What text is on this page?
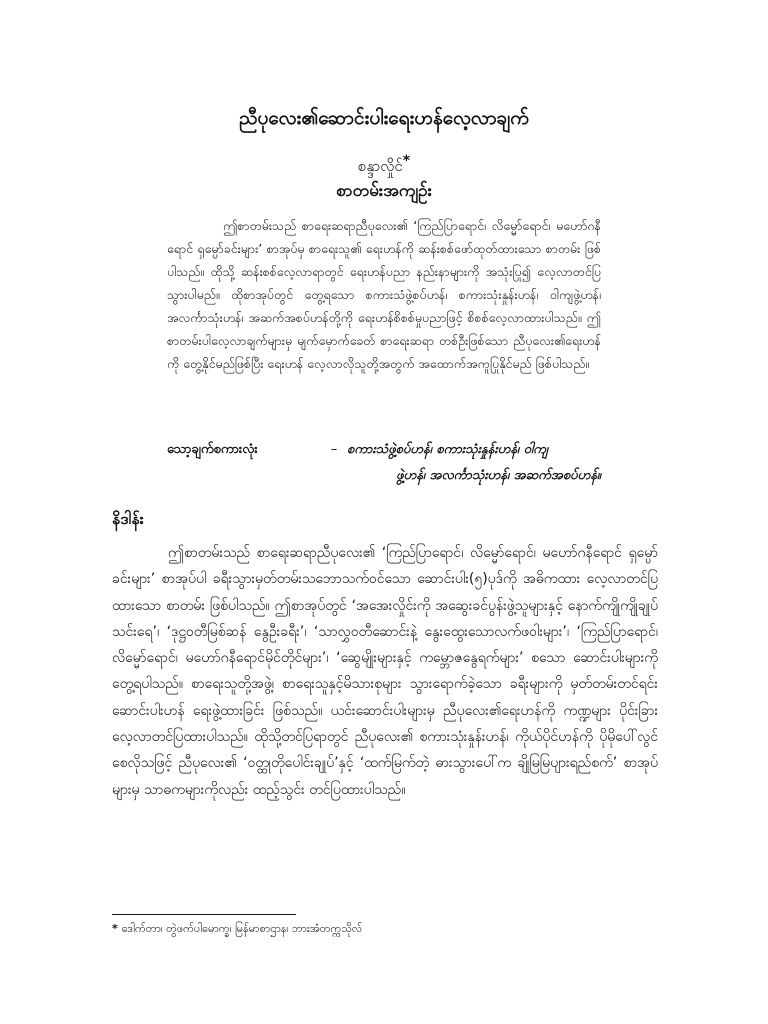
ညီပုလေး၏ဆောင်းပါးရေးဟန်လေ့လာချက်
စန္ဒာလှိုင်*
စာတမ်းအကျဉ်း
ဤစာတမ်းသည် စာရေးဆရာညီပုလေး၏ ‘ကြည်ပြာရောင်၊ လိမ္မော်ရောင်၊ မဟော်ဂနီရောင် ရှမ္ပော်ခင်းများ’ စာအုပ်မှ စာရေးသူ၏ ရေးဟန်ကို ဆန်းစစ်ဖော်ထုတ်ထားသော စာတမ်း ဖြစ်ပါသည်။ ထိုသို့ ဆန်းစစ်လေ့လာရာတွင် ရေးဟန်ပညာ နည်းနာများကို အသုံးပြု၍ လေ့လာတင်ပြသွားပါမည်။ ထိုစာအုပ်တွင် တွေ့ရသော စကားသံဖွဲ့စပ်ဟန်၊ စကားသုံးနှုန်းဟန်၊ ဝါကျဖွဲ့ဟန်၊ အလင်္ကာသုံးဟန်၊ အဆက်အစပ်ဟန်တို့ကို ရေးဟန်စိစစ်မှုပညာဖြင့် စိစစ်လေ့လာထားပါသည်။ ဤစာတမ်းပါလေ့လာချက်များမှ မျက်မှောက်ခေတ် စာရေးဆရာ တစ်ဦးဖြစ်သော ညီပုလေး၏ရေးဟန်ကို တွေ့နိုင်မည်ဖြစ်ပြီး ရေးဟန် လေ့လာလိုသူတို့အတွက် အထောက်အကူပြုနိုင်မည် ဖြစ်ပါသည်။
သော့ချက်စကားလုံး	– စကားသံဖွဲ့စပ်ဟန်၊ စကားသုံးနှုန်းဟန်၊ ဝါကျ
ဖွဲ့ဟန်၊ အလင်္ကာသုံးဟန်၊ အဆက်အစပ်ဟန်။
နိဒါန်း
ဤစာတမ်းသည် စာရေးဆရာညီပုလေး၏ ‘ကြည်ပြာရောင်၊ လိမ္မော်ရောင်၊ မဟော်ဂနီရောင် ရှမ္ပော်ခင်းများ’ စာအုပ်ပါ ခရီးသွားမှတ်တမ်းသဘောသက်ဝင်သော ဆောင်းပါး(၅)ပုဒ်ကို အဓိကထား လေ့လာတင်ပြထားသော စာတမ်း ဖြစ်ပါသည်။ ဤစာအုပ်တွင် ‘အအေးလှိုင်းကို အဆွေးခင်ပွန်းဖွဲ့သူများနှင့် နောက်ကျိုကျိုချုပ်သင်းရေ’၊ ‘ဒုဋ္ဌဝတီမြစ်ဆန် နွေဦးခရီး’၊ ‘သာလွှဝတီဆောင်းနဲ့ နွေးထွေးသောလက်ဖဝါးများ’၊ ‘ကြည်ပြာရောင်၊ လိမ္မော်ရောင်၊ မဟော်ဂနီရောင်မိုင်တိုင်များ’၊ ‘ဆွေမျိုးများနှင့် ကမ္ဘောဇနွေရက်များ’ စသော ဆောင်းပါးများကို တွေ့ရပါသည်။ စာရေးသူတို့အဖွဲ့၊ စာရေးသူနှင့်မိသားစုများ သွားရောက်ခဲ့သော ခရီးများကို မှတ်တမ်းတင်ရင်း ဆောင်းပါးဟန် ရေးဖွဲ့ထားခြင်း ဖြစ်သည်။ ယင်းဆောင်းပါးများမှ ညီပုလေး၏ရေးဟန်ကို ကဏ္ဍများ ပိုင်းခြားလေ့လာတင်ပြထားပါသည်။ ထိုသို့တင်ပြရာတွင် ညီပုလေး၏ စကားသုံးနှုန်းဟန်၊ ကိုယ်ပိုင်ဟန်ကို ပိုမိုပေါ်လွင်စေလိုသဖြင့် ညီပုလေး၏ ‘ဝတ္ထုတိုပေါင်းချုပ်’နှင့် ‘ထက်မြက်တဲ့ ဓားသွားပေါ်က ချိုမြမြပျားရည်စက်’ စာအုပ်များမှ သာဓကများကိုလည်း ထည့်သွင်း တင်ပြထားပါသည်။
* ဒေါက်တာ၊ တွဲဖက်ပါမောက္ခ၊ မြန်မာစာဌာန၊ ဘားအံတက္ကသိုလ်
